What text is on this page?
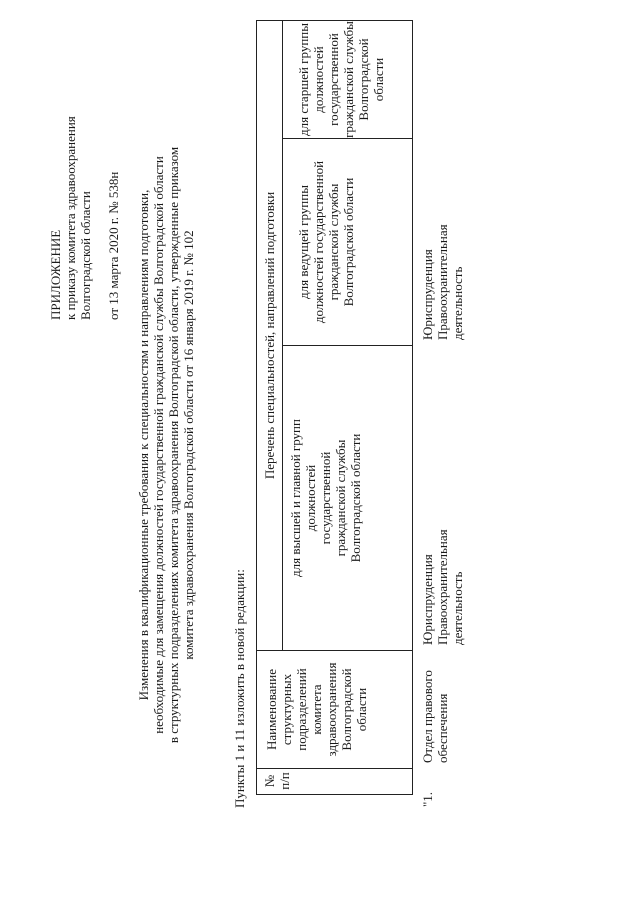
ПРИЛОЖЕНИЕ к приказу комитета здравоохранения Волгоградской области от 13 марта 2020 г. № 538н Изменения в квалификационные требования к специальностям и направлениям подготовки, необходимые для замещения должностей государственной гражданской службы Волгоградской области в структурных подразделениях комитета здравоохранения Волгоградской области, утвержденные приказом комитета здравоохранения Волгоградской области от 16 января 2019 г. № 102
Пункты 1 и 11 изложить в новой редакции: № п/п
Наименование структурных подразделений комитета здравоохранения Волгоградской области
Перечень специальностей, направлений подготовки
для высшей и главной групп должностей государственной гражданской службы Волгоградской области
для ведущей группы должностей государственной гражданской службы Волгоградской области
для старшей группы должностей государственной гражданской службы Волгоградской области
"1.
Отдел правового обеспечения
Юриспруденция Правоохранительная деятельность
Юриспруденция Правоохранительная деятельность
